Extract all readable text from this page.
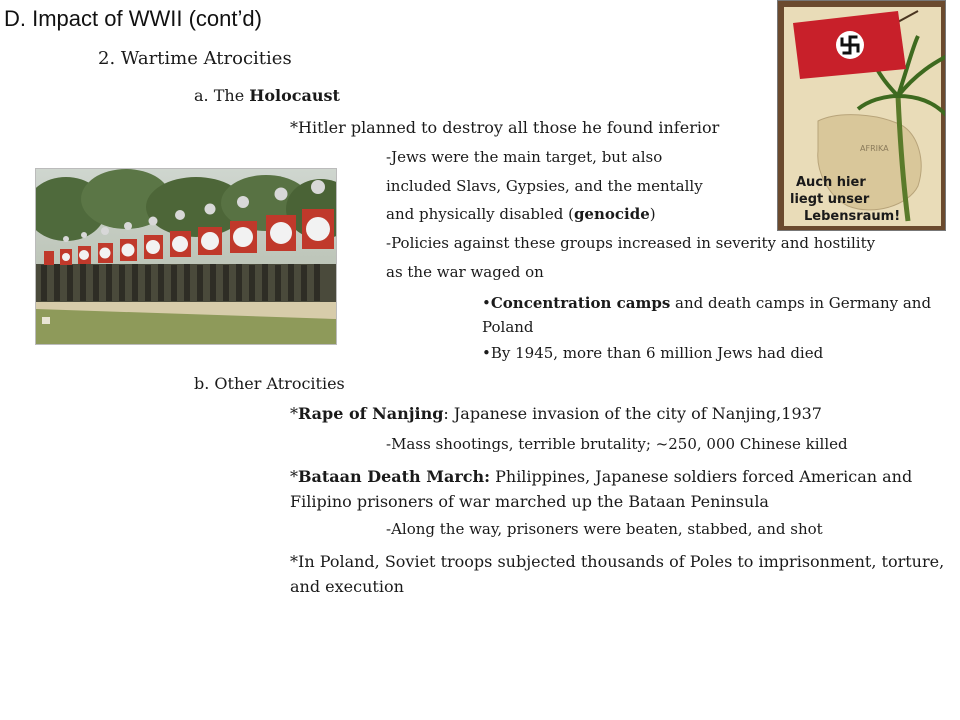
D. Impact of WWII (cont’d)
2. Wartime Atrocities
a. The Holocaust
*Hitler planned to destroy all those he found inferior
-Jews were the main target, but also
included Slavs, Gypsies, and the mentally
and physically disabled (genocide)
-Policies against these groups increased in severity and hostility
as the war waged on
•Concentration camps and death camps in Germany and Poland
•By 1945, more than 6 million Jews had died
b. Other Atrocities
*Rape of Nanjing: Japanese invasion of the city of Nanjing,1937
-Mass shootings, terrible brutality; ~250, 000 Chinese killed
*Bataan Death March: Philippines, Japanese soldiers forced American and Filipino prisoners of war marched up the Bataan Peninsula
-Along the way, prisoners were beaten, stabbed, and shot
*In Poland, Soviet troops subjected thousands of Poles to imprisonment, torture, and execution
AFRIKA
Auch hier
liegt unser
Lebensraum!
